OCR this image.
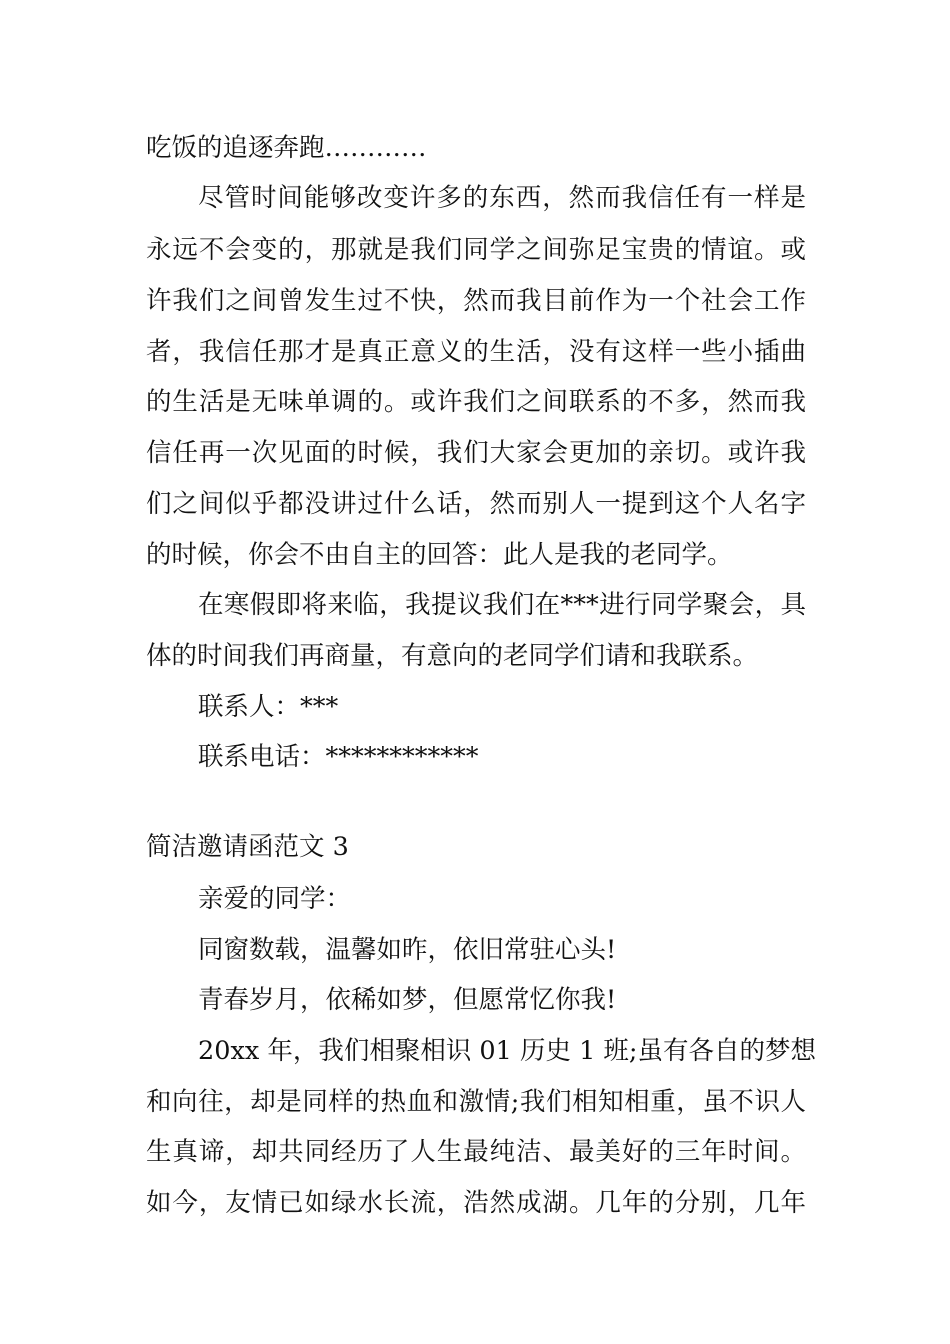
吃饭的追逐奔跑…………
尽管时间能够改变许多的东西，然而我信任有一样是
永远不会变的，那就是我们同学之间弥足宝贵的情谊。或
许我们之间曾发生过不快，然而我目前作为一个社会工作
者，我信任那才是真正意义的生活，没有这样一些小插曲
的生活是无味单调的。或许我们之间联系的不多，然而我
信任再一次见面的时候，我们大家会更加的亲切。或许我
们之间似乎都没讲过什么话，然而别人一提到这个人名字
的时候，你会不由自主的回答：此人是我的老同学。
在寒假即将来临，我提议我们在***进行同学聚会，具
体的时间我们再商量，有意向的老同学们请和我联系。
联系人：***
联系电话：************
简洁邀请函范文 3
亲爱的同学：
同窗数载，温馨如昨，依旧常驻心头!
青春岁月，依稀如梦，但愿常忆你我!
20xx 年，我们相聚相识 01 历史 1 班;虽有各自的梦想
和向往，却是同样的热血和激情;我们相知相重，虽不识人
生真谛，却共同经历了人生最纯洁、最美好的三年时间。
如今，友情已如绿水长流，浩然成湖。几年的分别，几年
